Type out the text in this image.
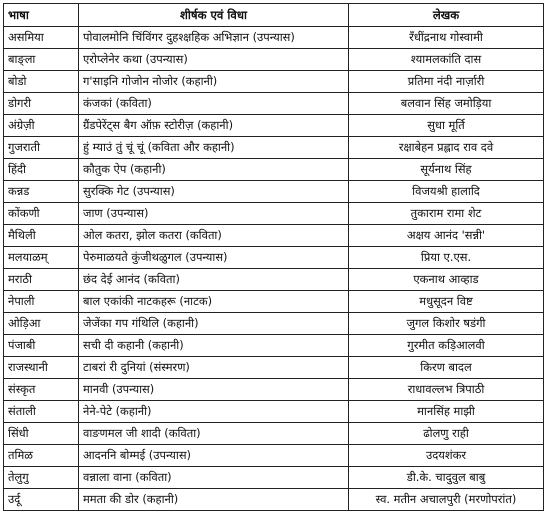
भाषा	शीर्षक एवं विधा	लेखक
असमिया	पोवालमोनि चिंविंगर दुहश्क्षहिक अभिज्ञान (उपन्यास)	रँधींद्रनाथ गोस्वामी
बाङ्ला	एरोप्लेनेर कथा (उपन्यास)	श्यामलकांति दास
बोडो	ग'साइनि गोजोन नोजोर (कहानी)	प्रतिमा नंदी नार्ज़ारी
डोगरी	कंजकां (कविता)	बलवान सिंह जमोड़िया
अंग्रेज़ी	ग्रैंडपेरेंट्स बैग ऑफ़ स्टोरीज़ (कहानी)	सुधा मूर्ति
गुजराती	हुं म्याउं तुं चूं चूं (कविता और कहानी)	रक्षाबेहन प्रह्लाद राव दवे
हिंदी	कौतुक ऐप (कहानी)	सूर्यनाथ सिंह
कन्नड	सुरक्कि गेट (उपन्यास)	विजयश्री हालादि
कोंकणी	जाण (उपन्यास)	तुकाराम रामा शेट
मैथिली	ओल कतरा, झोल कतरा (कविता)	अक्षय आनंद 'सन्नी'
मलयाळम्	पेरुमाळयते कुंजीथळुगल (उपन्यास)	प्रिया ए.एस.
मराठी	छंद देई आनंद (कविता)	एकनाथ आव्हाड
नेपाली	बाल एकांकी नाटकहरू (नाटक)	मधुसूदन विष्ट
ओड़िआ	जेजेंका गप गंथिलि (कहानी)	जुगल किशोर षडंगी
पंजाबी	सची दी कहानी (कहानी)	गुरमीत कड़िआलवी
राजस्थानी	टाबरां री दुनियां (संस्मरण)	किरण बादल
संस्कृत	मानवी (उपन्यास)	राधावल्लभ त्रिपाठी
संताली	नेने-पेटे (कहानी)	मानसिंह माझी
सिंधी	वाङणमल जी शादी (कविता)	ढोलणु राही
तमिळ	आदननि बोम्मई (उपन्यास)	उदयशंकर
तेलुगु	वन्नाला वाना (कविता)	डी.के. चादुवुल बाबु
उर्दू	ममता की डोर (कहानी)	स्व. मतीन अचालपुरी (मरणोपरांत)
